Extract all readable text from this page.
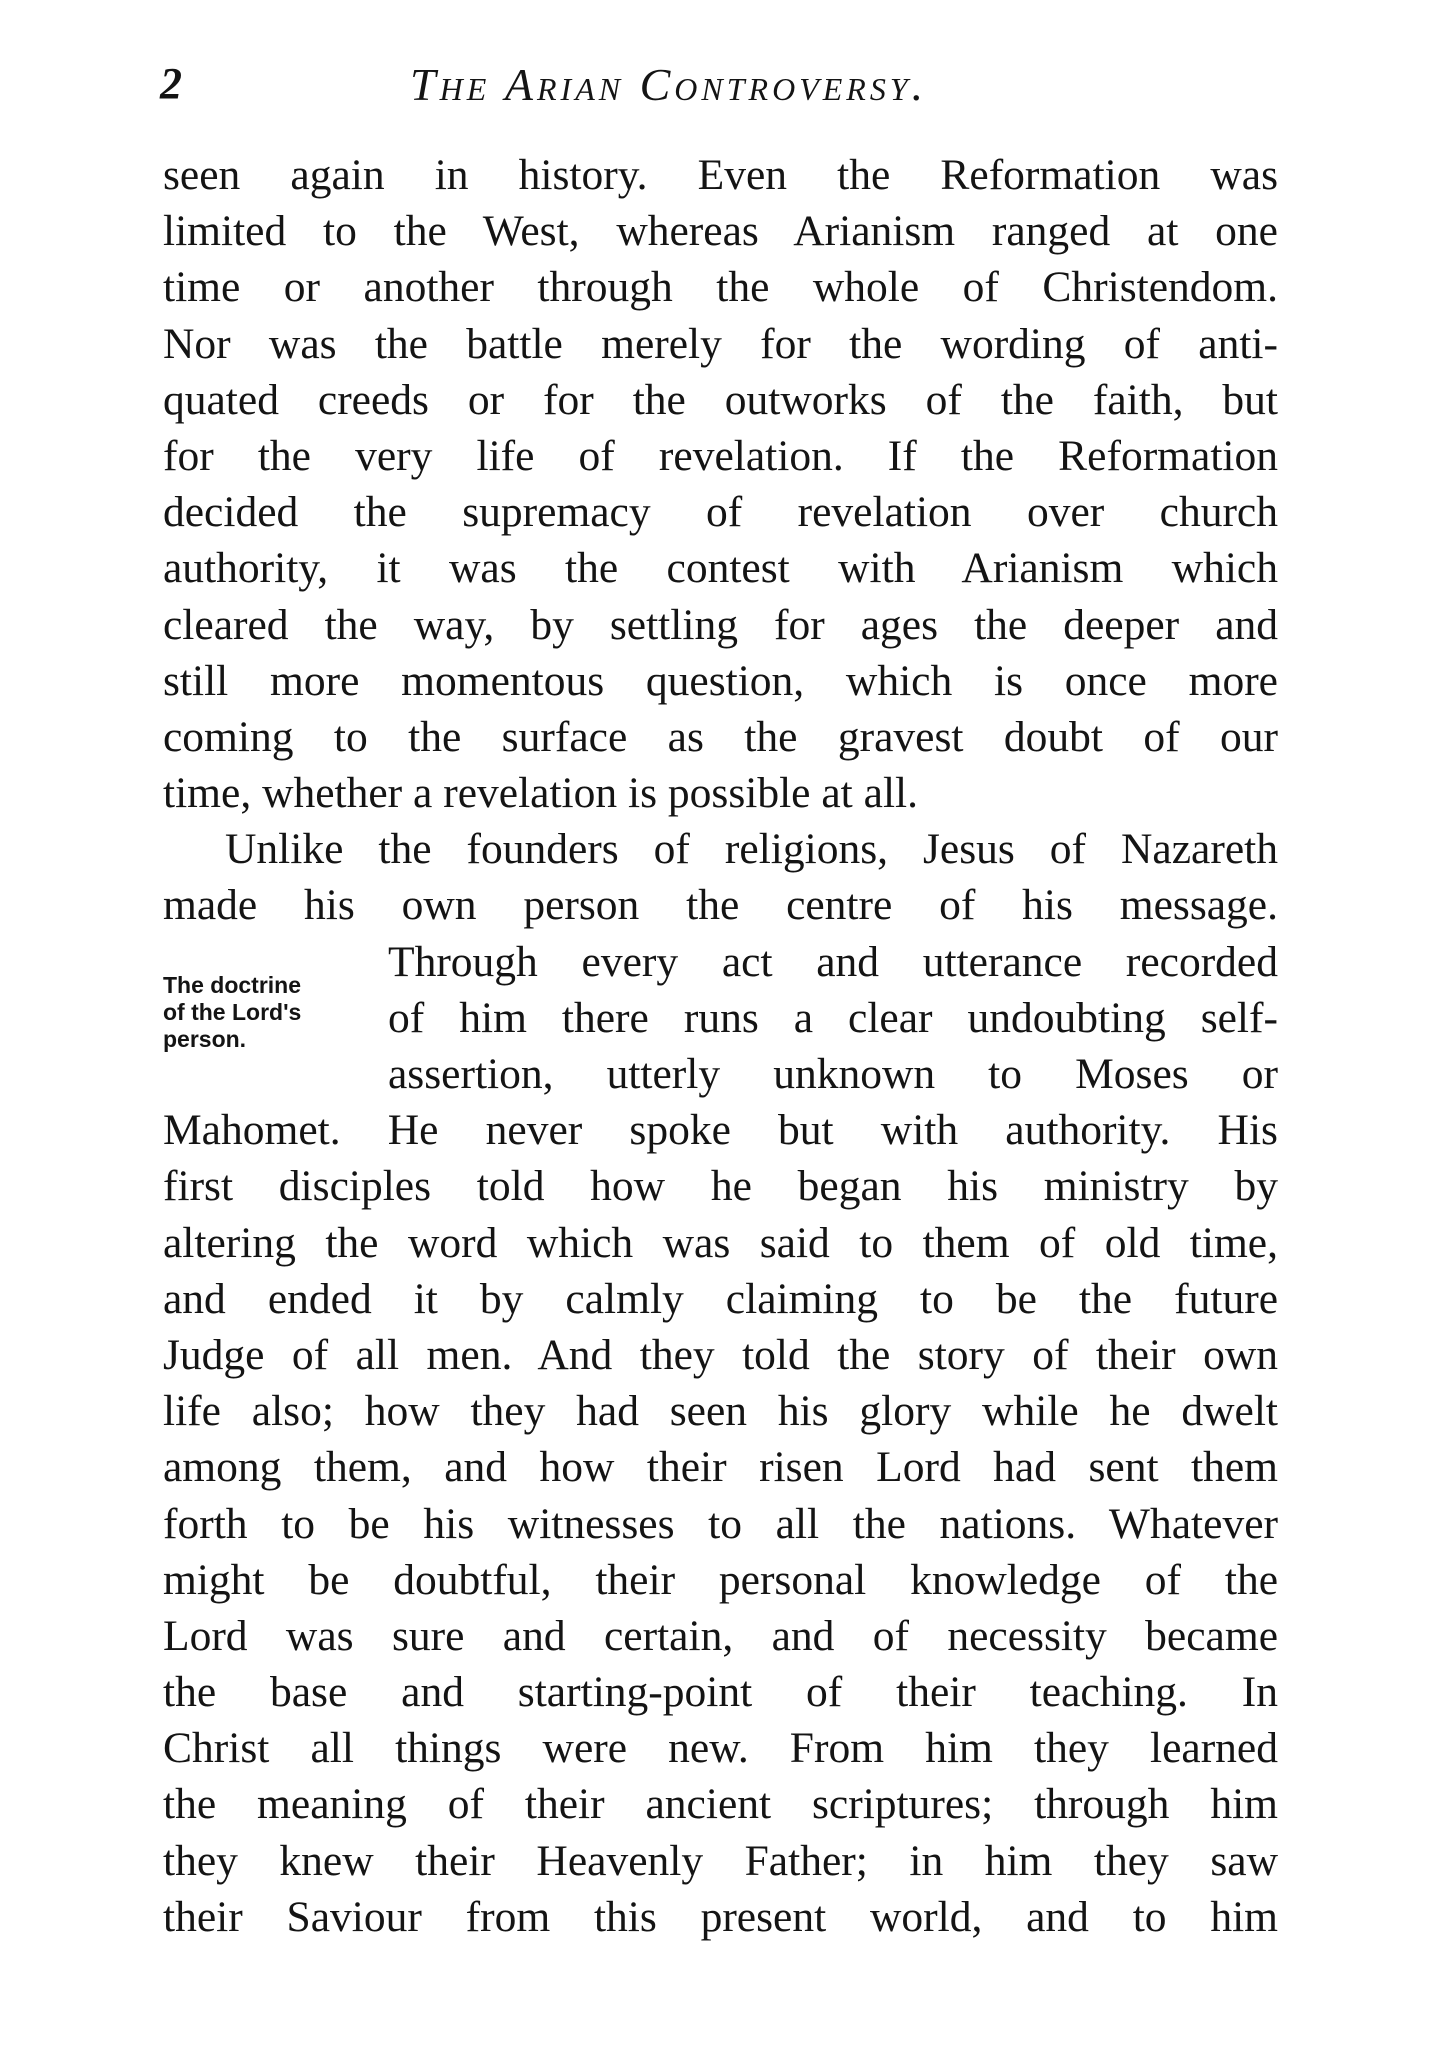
2	The Arian Controversy.
The doctrine
of the Lord's
person.
seen again in history. Even the Reformation was
limited to the West, whereas Arianism ranged at one
time or another through the whole of Christendom.
Nor was the battle merely for the wording of anti-
quated creeds or for the outworks of the faith, but
for the very life of revelation. If the Reformation
decided the supremacy of revelation over church
authority, it was the contest with Arianism which
cleared the way, by settling for ages the deeper and
still more momentous question, which is once more
coming to the surface as the gravest doubt of our
time, whether a revelation is possible at all.
Unlike the founders of religions, Jesus of Nazareth
made his own person the centre of his message.
Through every act and utterance recorded
of him there runs a clear undoubting self-
assertion, utterly unknown to Moses or
Mahomet. He never spoke but with authority. His
first disciples told how he began his ministry by
altering the word which was said to them of old time,
and ended it by calmly claiming to be the future
Judge of all men. And they told the story of their own
life also; how they had seen his glory while he dwelt
among them, and how their risen Lord had sent them
forth to be his witnesses to all the nations. Whatever
might be doubtful, their personal knowledge of the
Lord was sure and certain, and of necessity became
the base and starting-point of their teaching. In
Christ all things were new. From him they learned
the meaning of their ancient scriptures; through him
they knew their Heavenly Father; in him they saw
their Saviour from this present world, and to him
